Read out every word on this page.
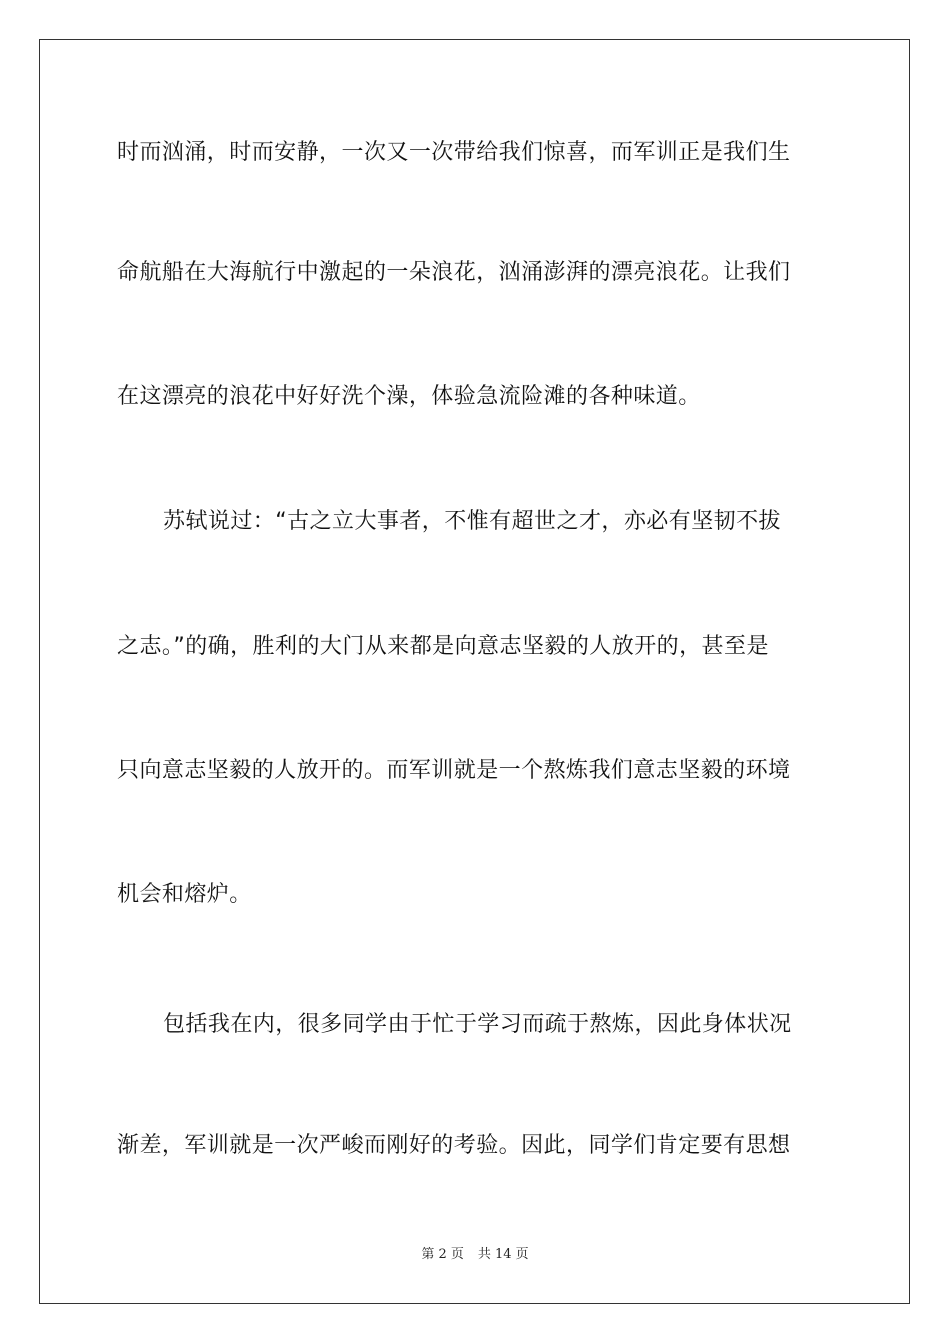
时而汹涌，时而安静，一次又一次带给我们惊喜，而军训正是我们生
命航船在大海航行中激起的一朵浪花，汹涌澎湃的漂亮浪花。让我们
在这漂亮的浪花中好好洗个澡，体验急流险滩的各种味道。
苏轼说过：“古之立大事者，不惟有超世之才，亦必有坚韧不拔
之志。”的确，胜利的大门从来都是向意志坚毅的人放开的，甚至是
只向意志坚毅的人放开的。而军训就是一个熬炼我们意志坚毅的环境
机会和熔炉。
包括我在内，很多同学由于忙于学习而疏于熬炼，因此身体状况
渐差，军训就是一次严峻而刚好的考验。因此，同学们肯定要有思想
第 2 页 共 14 页
